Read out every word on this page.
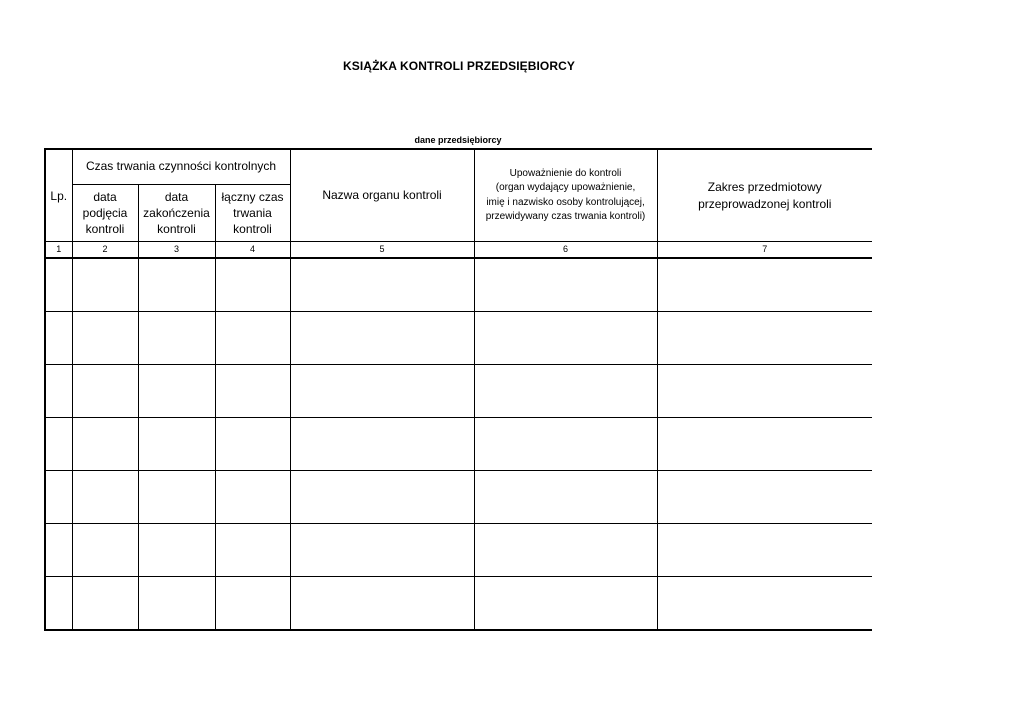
KSIĄŻKA KONTROLI PRZEDSIĘBIORCY
dane przedsiębiorcy
Lp.	Czas trwania czynności kontrolnych			Nazwa organu kontroli	Upoważnienie do kontroli
(organ wydający upoważnienie,
imię i nazwisko osoby kontrolującej,
przewidywany czas trwania kontroli)	Zakres przedmiotowy
przeprowadzonej kontroli

	data
podjęcia
kontroli	data
zakończenia
kontroli	łączny czas
trwania
kontroli			
1	2	3	4	5	6	7
